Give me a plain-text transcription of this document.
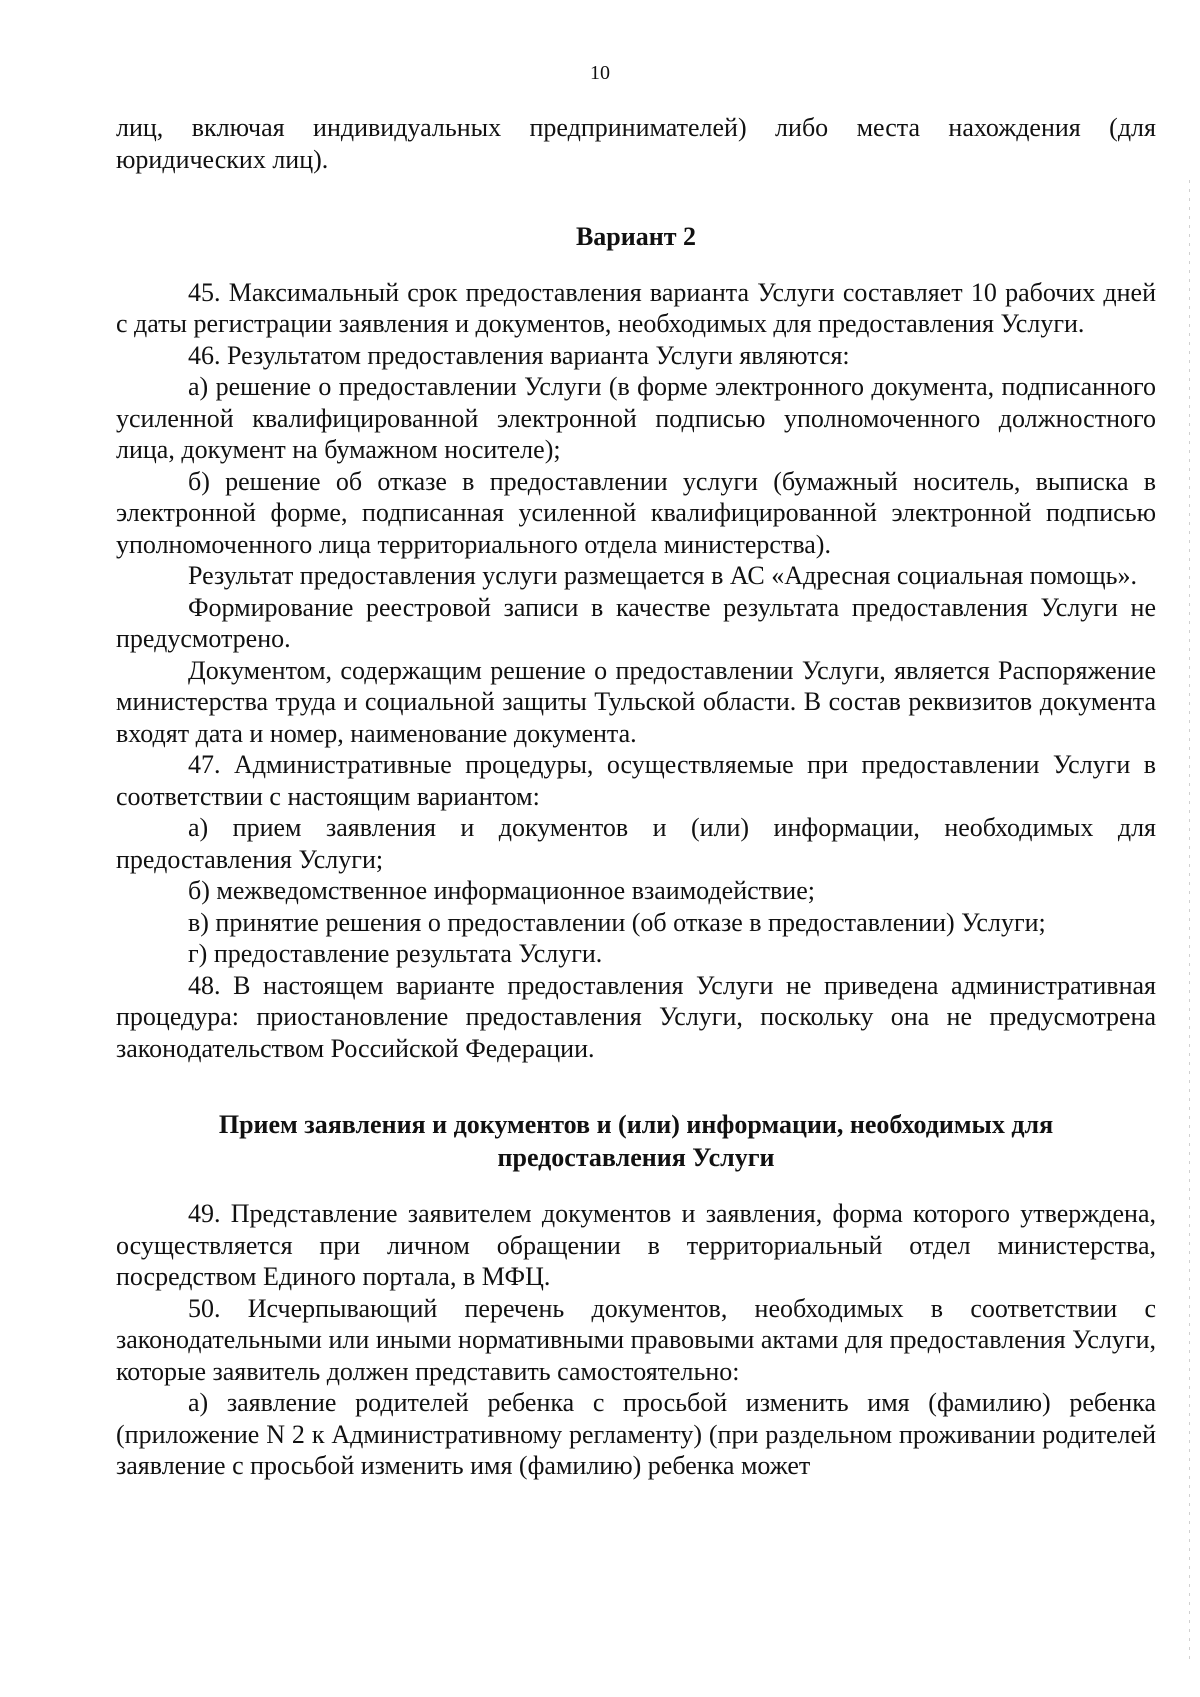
10

лиц, включая индивидуальных предпринимателей) либо места нахождения (для юридических лиц).

Вариант 2

45. Максимальный срок предоставления варианта Услуги составляет 10 рабочих дней с даты регистрации заявления и документов, необходимых для предоставления Услуги.

46. Результатом предоставления варианта Услуги являются:

а) решение о предоставлении Услуги (в форме электронного документа, подписанного усиленной квалифицированной электронной подписью уполномоченного должностного лица, документ на бумажном носителе);

б) решение об отказе в предоставлении услуги (бумажный носитель, выписка в электронной форме, подписанная усиленной квалифицированной электронной подписью уполномоченного лица территориального отдела министерства).

Результат предоставления услуги размещается в АС «Адресная социальная помощь».

Формирование реестровой записи в качестве результата предоставления Услуги не предусмотрено.

Документом, содержащим решение о предоставлении Услуги, является Распоряжение министерства труда и социальной защиты Тульской области. В состав реквизитов документа входят дата и номер, наименование документа.

47. Административные процедуры, осуществляемые при предоставлении Услуги в соответствии с настоящим вариантом:

а) прием заявления и документов и (или) информации, необходимых для предоставления Услуги;

б) межведомственное информационное взаимодействие;

в) принятие решения о предоставлении (об отказе в предоставлении) Услуги;

г) предоставление результата Услуги.

48. В настоящем варианте предоставления Услуги не приведена административная процедура: приостановление предоставления Услуги, поскольку она не предусмотрена законодательством Российской Федерации.

Прием заявления и документов и (или) информации, необходимых для
предоставления Услуги

49. Представление заявителем документов и заявления, форма которого утверждена, осуществляется при личном обращении в территориальный отдел министерства, посредством Единого портала, в МФЦ.

50. Исчерпывающий перечень документов, необходимых в соответствии с законодательными или иными нормативными правовыми актами для предоставления Услуги, которые заявитель должен представить самостоятельно:

а) заявление родителей ребенка с просьбой изменить имя (фамилию) ребенка (приложение N 2 к Административному регламенту) (при раздельном проживании родителей заявление с просьбой изменить имя (фамилию) ребенка может
